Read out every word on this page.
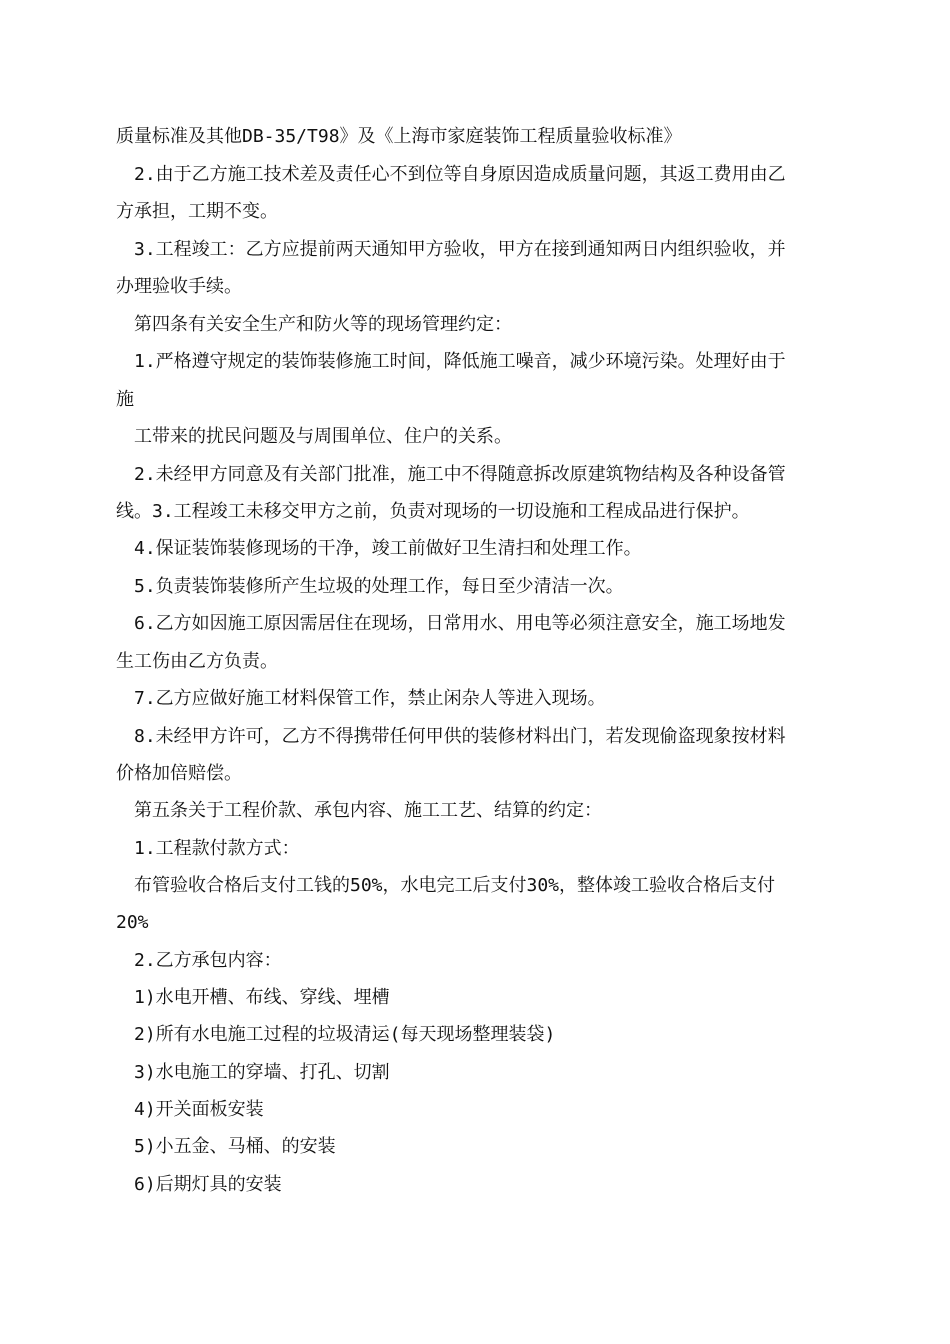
质量标准及其他DB-35/T98》及《上海市家庭装饰工程质量验收标准》
2.由于乙方施工技术差及责任心不到位等自身原因造成质量问题，其返工费用由乙
方承担，工期不变。
3.工程竣工：乙方应提前两天通知甲方验收，甲方在接到通知两日内组织验收，并
办理验收手续。
第四条有关安全生产和防火等的现场管理约定：
1.严格遵守规定的装饰装修施工时间，降低施工噪音，减少环境污染。处理好由于
施
工带来的扰民问题及与周围单位、住户的关系。
2.未经甲方同意及有关部门批准，施工中不得随意拆改原建筑物结构及各种设备管
线。3.工程竣工未移交甲方之前，负责对现场的一切设施和工程成品进行保护。
4.保证装饰装修现场的干净，竣工前做好卫生清扫和处理工作。
5.负责装饰装修所产生垃圾的处理工作，每日至少清洁一次。
6.乙方如因施工原因需居住在现场，日常用水、用电等必须注意安全，施工场地发
生工伤由乙方负责。
7.乙方应做好施工材料保管工作，禁止闲杂人等进入现场。
8.未经甲方许可，乙方不得携带任何甲供的装修材料出门，若发现偷盗现象按材料
价格加倍赔偿。
第五条关于工程价款、承包内容、施工工艺、结算的约定：
1.工程款付款方式：
布管验收合格后支付工钱的50%，水电完工后支付30%，整体竣工验收合格后支付
20%
2.乙方承包内容：
1)水电开槽、布线、穿线、埋槽
2)所有水电施工过程的垃圾清运(每天现场整理装袋)
3)水电施工的穿墙、打孔、切割
4)开关面板安装
5)小五金、马桶、的安装
6)后期灯具的安装
